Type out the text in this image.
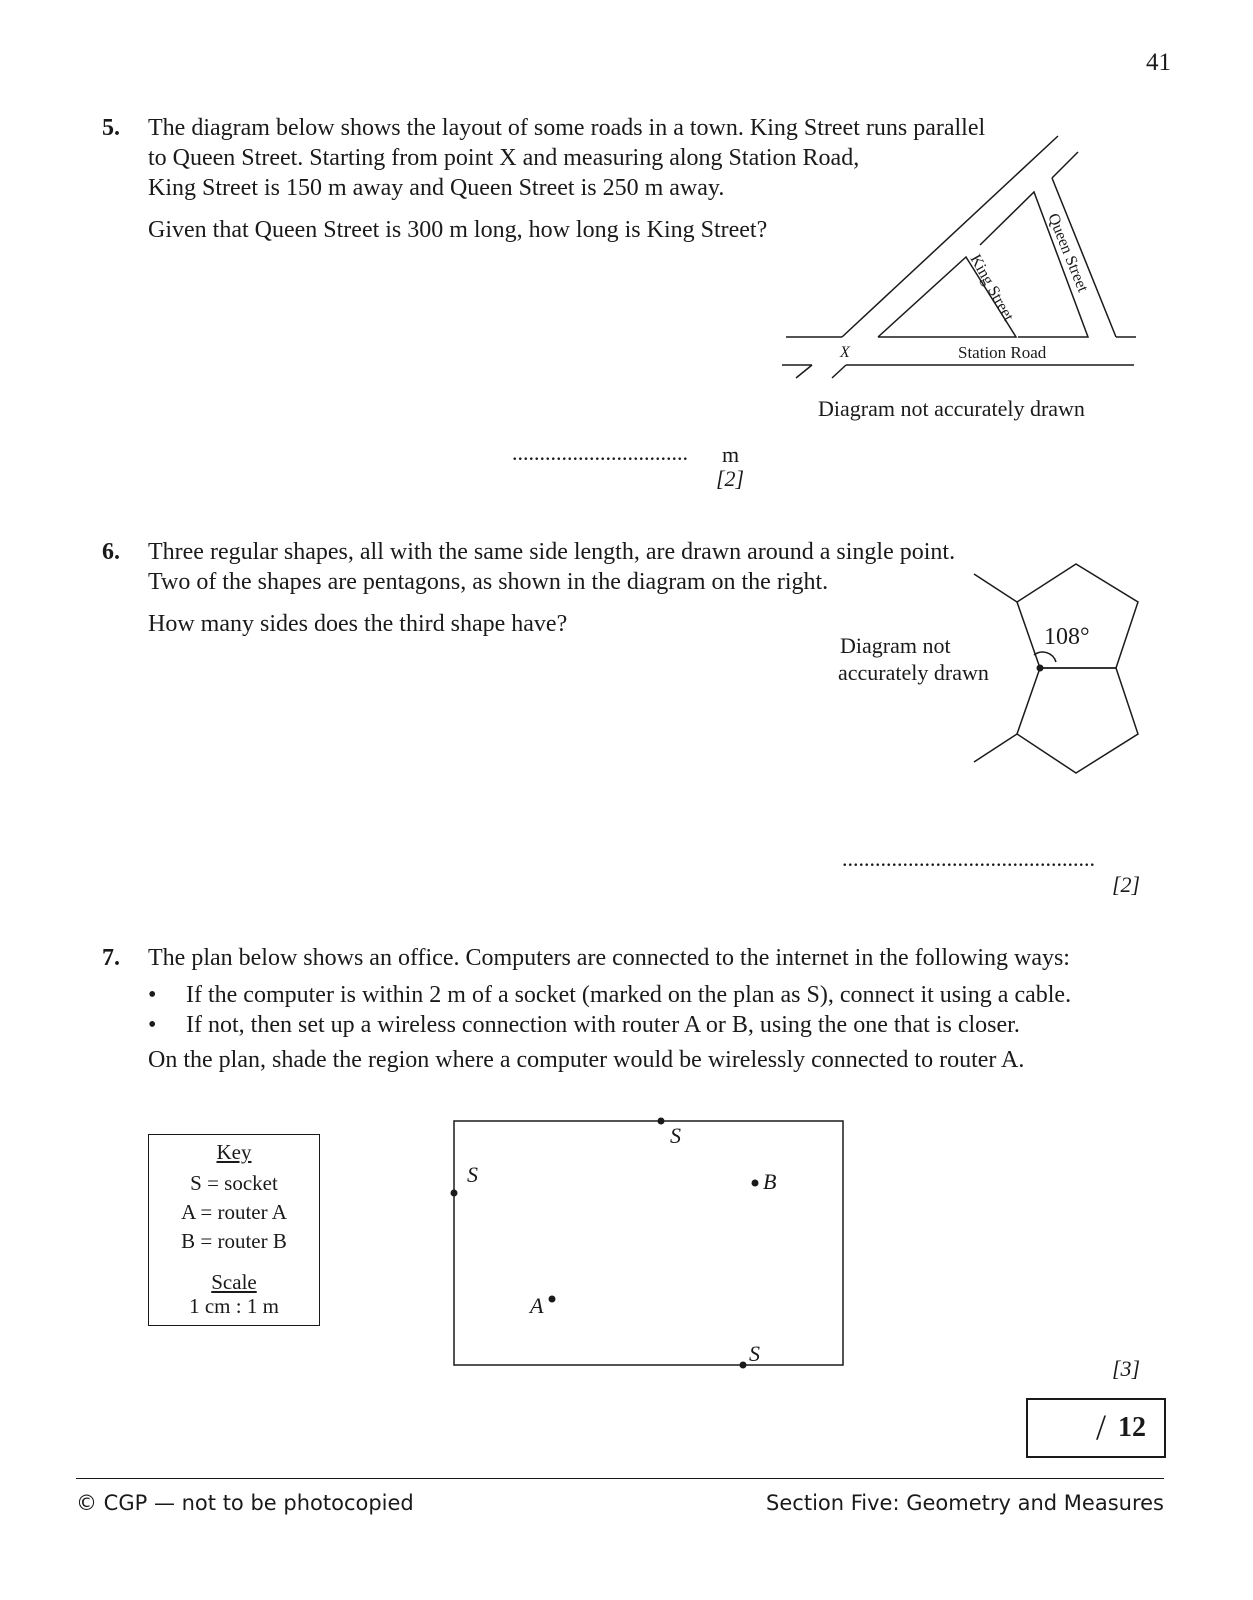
41
5. The diagram below shows the layout of some roads in a town. King Street runs parallel
to Queen Street. Starting from point X and measuring along Station Road,
King Street is 150 m away and Queen Street is 250 m away.
Given that Queen Street is 300 m long, how long is King Street?
X	Station Road
King Street Queen Street
Diagram not accurately drawn
................................ m
[2]
6. Three regular shapes, all with the same side length, are drawn around a single point.
Two of the shapes are pentagons, as shown in the diagram on the right.
How many sides does the third shape have?
Diagram not
accurately drawn
108°
..............................................
[2]
7. The plan below shows an office. Computers are connected to the internet in the following ways:
• If the computer is within 2 m of a socket (marked on the plan as S), connect it using a cable.
• If not, then set up a wireless connection with router A or B, using the one that is closer.
On the plan, shade the region where a computer would be wirelessly connected to router A.
Key
S = socket
A = router A
B = router B
Scale
1 cm : 1 m
S
S
S
B
A
[3]
/ 12
© CGP — not to be photocopied	Section Five: Geometry and Measures
